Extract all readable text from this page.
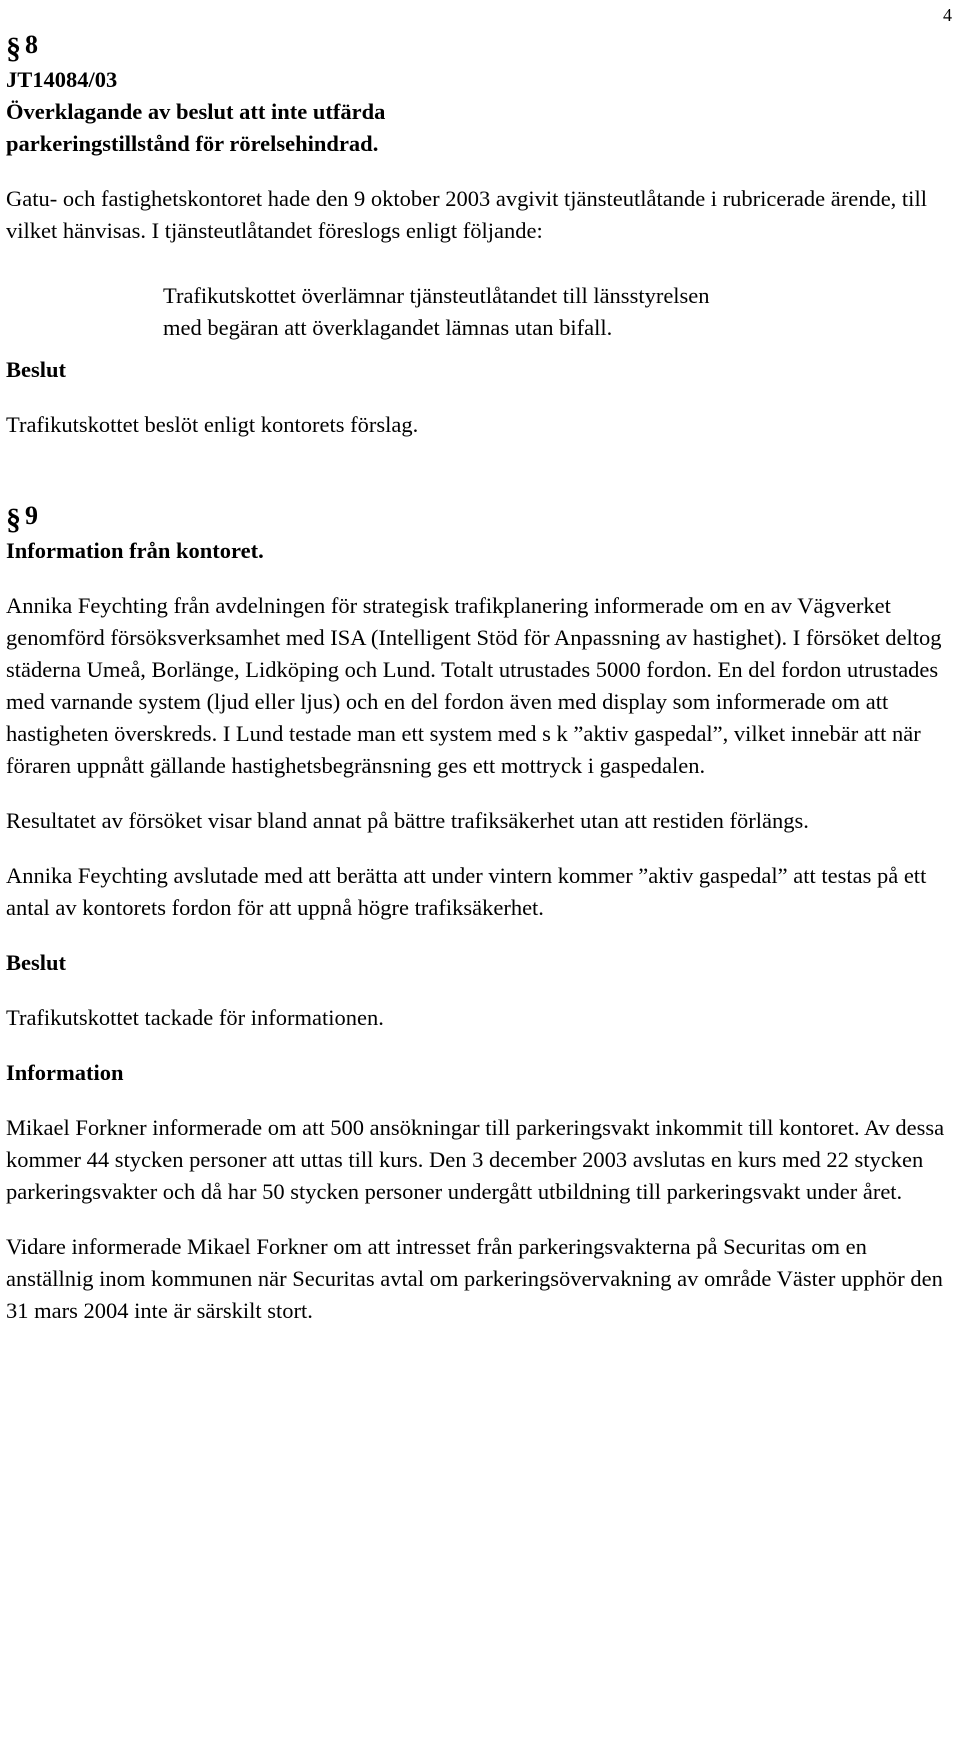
4
§ 8
JT14084/03
Överklagande av beslut att inte utfärda
parkeringstillstånd för rörelsehindrad.

Gatu- och fastighetskontoret hade den 9 oktober 2003 avgivit tjänsteutlåtande i rubricerade ärende, till vilket hänvisas. I tjänsteutlåtandet föreslogs enligt följande:

Trafikutskottet överlämnar tjänsteutlåtandet till länsstyrelsen med begäran att överklagandet lämnas utan bifall.

Beslut

Trafikutskottet beslöt enligt kontorets förslag.

§ 9
Information från kontoret.

Annika Feychting från avdelningen för strategisk trafikplanering informerade om en av Vägverket genomförd försöksverksamhet med ISA (Intelligent Stöd för Anpassning av hastighet). I försöket deltog städerna Umeå, Borlänge, Lidköping och Lund. Totalt utrustades 5000 fordon. En del fordon utrustades med varnande system (ljud eller ljus) och en del fordon även med display som informerade om att hastigheten överskreds. I Lund testade man ett system med s k ”aktiv gaspedal”, vilket innebär att när föraren uppnått gällande hastighetsbegränsning ges ett mottryck i gaspedalen.

Resultatet av försöket visar bland annat på bättre trafiksäkerhet utan att restiden förlängs.

Annika Feychting avslutade med att berätta att under vintern kommer ”aktiv gaspedal” att testas på ett antal av kontorets fordon för att uppnå högre trafiksäkerhet.

Beslut

Trafikutskottet tackade för informationen.

Information

Mikael Forkner informerade om att 500 ansökningar till parkeringsvakt inkommit till kontoret. Av dessa kommer 44 stycken personer att uttas till kurs. Den 3 december 2003 avslutas en kurs med 22 stycken parkeringsvakter och då har 50 stycken personer undergått utbildning till parkeringsvakt under året.

Vidare informerade Mikael Forkner om att intresset från parkeringsvakterna på Securitas om en anställnig inom kommunen när Securitas avtal om parkeringsövervakning av område Väster upphör den 31 mars 2004 inte är särskilt stort.
